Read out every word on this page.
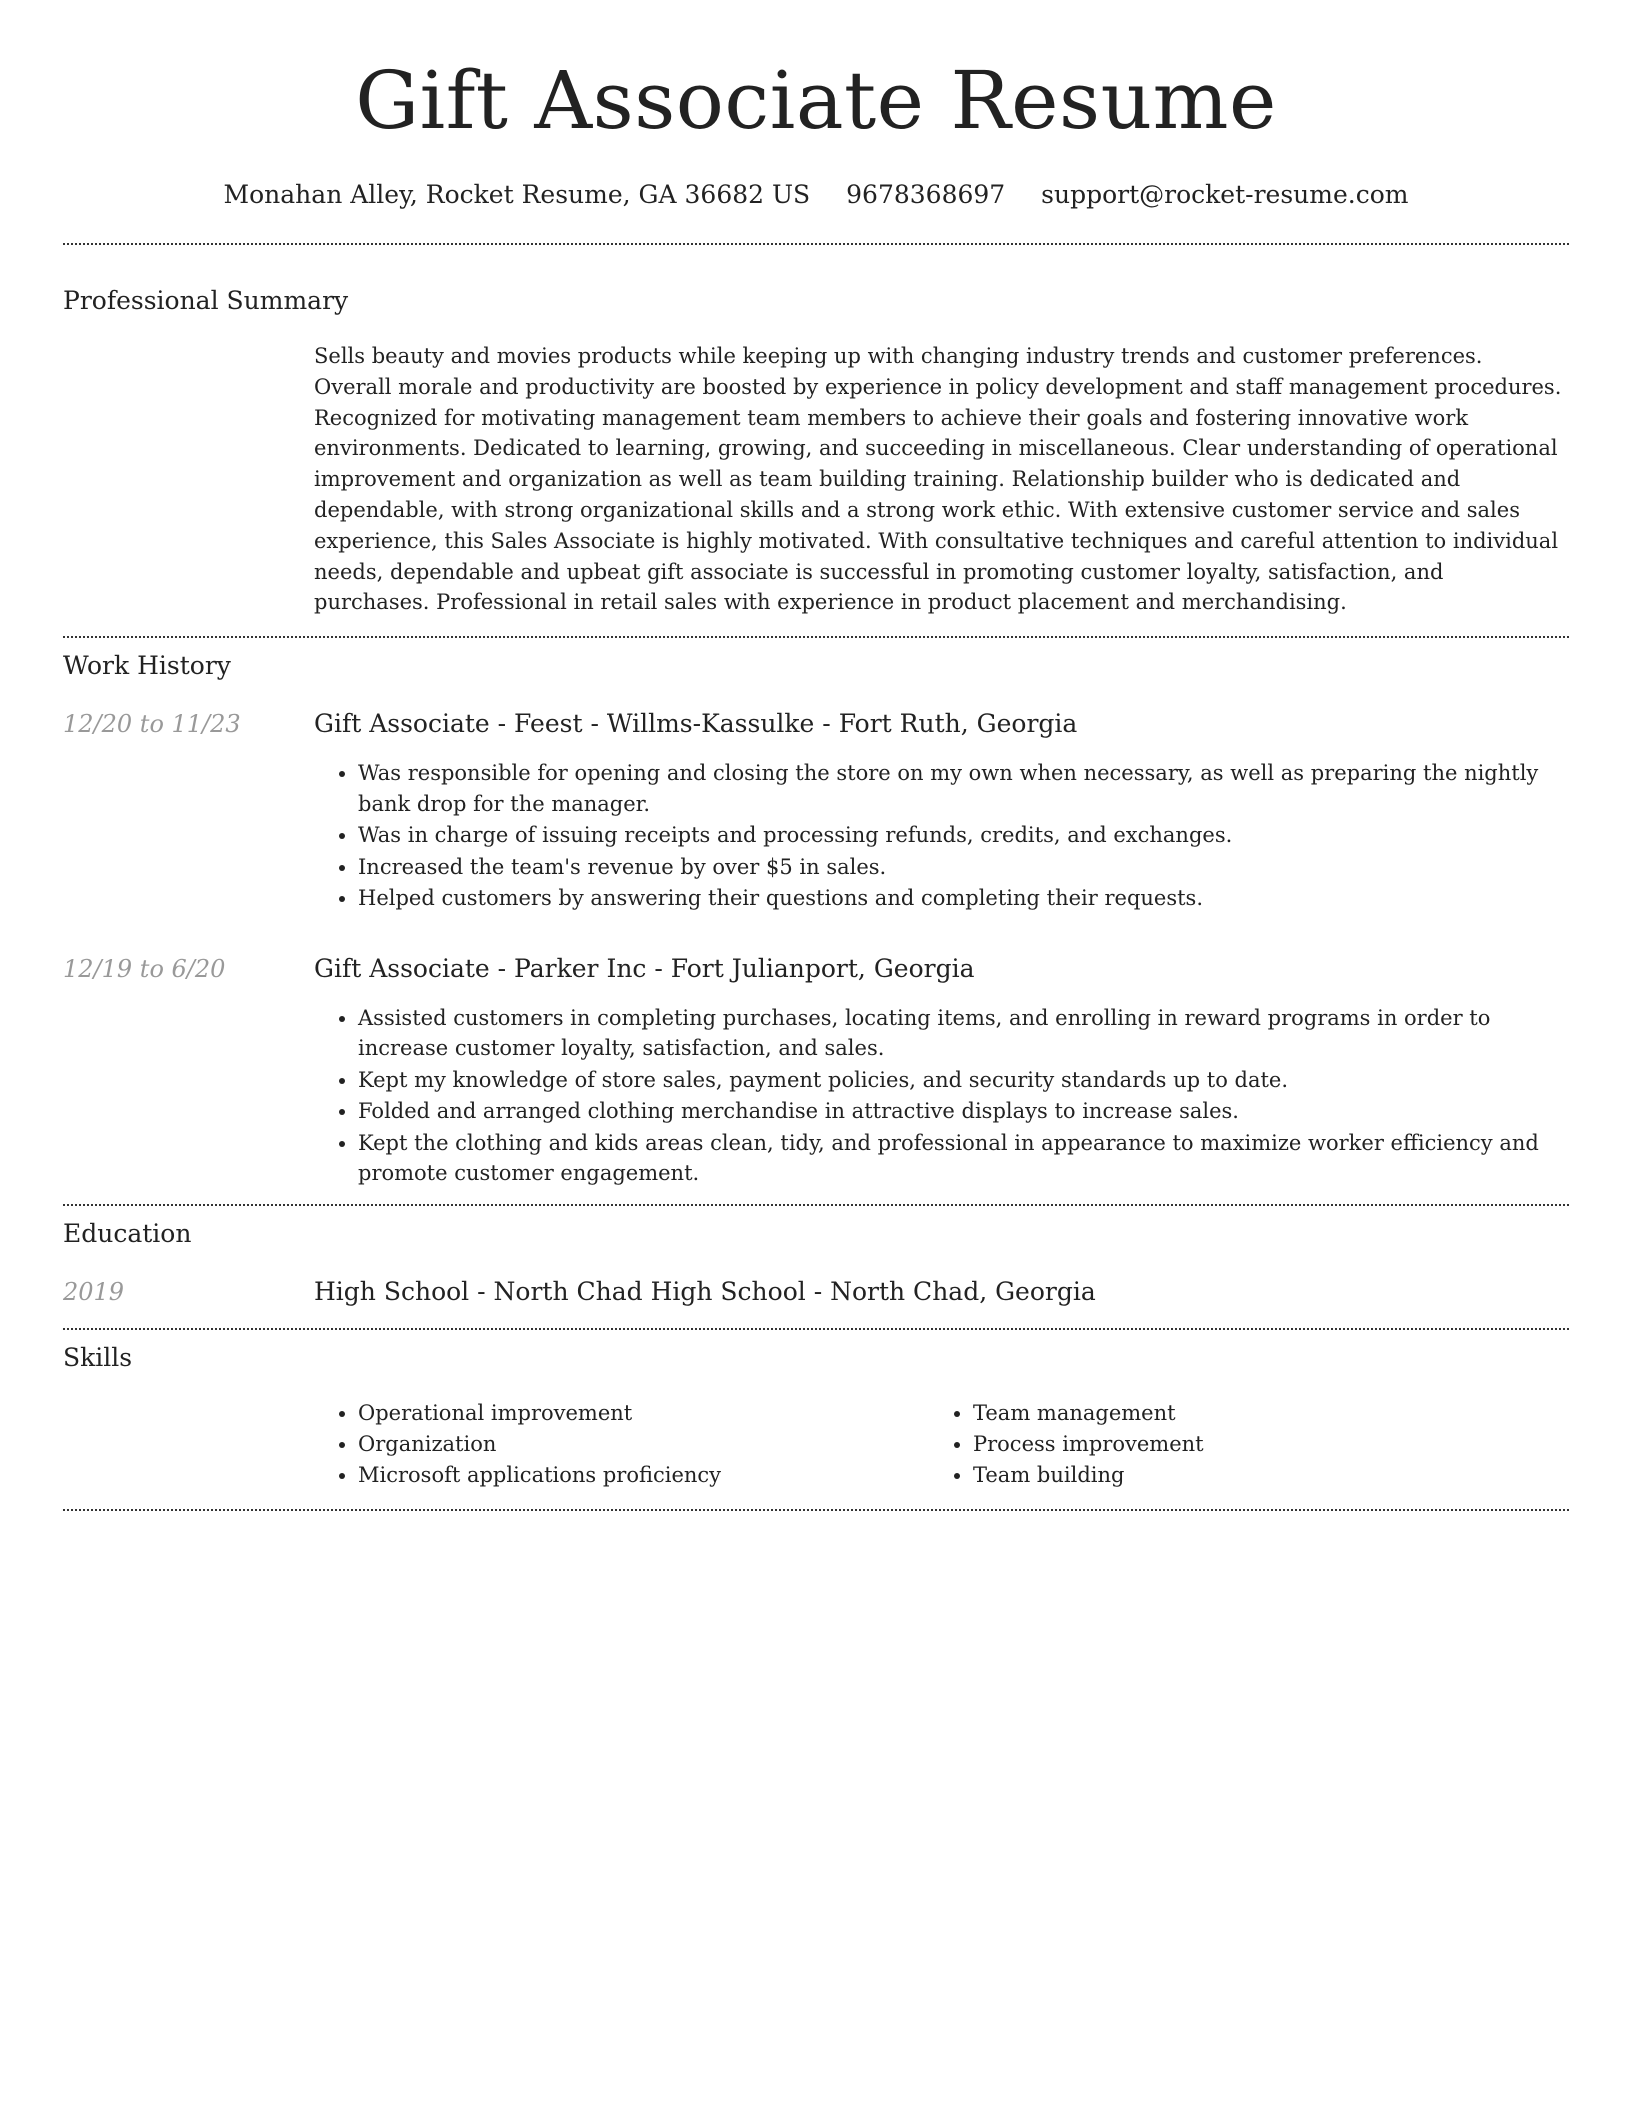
Gift Associate Resume
Monahan Alley, Rocket Resume, GA 36682 US 9678368697 support@rocket-resume.com
Professional Summary

Sells beauty and movies products while keeping up with changing industry trends and customer preferences. Overall morale and productivity are boosted by experience in policy development and staff management procedures. Recognized for motivating management team members to achieve their goals and fostering innovative work environments. Dedicated to learning, growing, and succeeding in miscellaneous. Clear understanding of operational improvement and organization as well as team building training. Relationship builder who is dedicated and dependable, with strong organizational skills and a strong work ethic. With extensive customer service and sales experience, this Sales Associate is highly motivated. With consultative techniques and careful attention to individual needs, dependable and upbeat gift associate is successful in promoting customer loyalty, satisfaction, and purchases. Professional in retail sales with experience in product placement and merchandising.

Work History
12/20 to 11/23	Gift Associate - Feest - Willms-Kassulke - Fort Ruth, Georgia
• Was responsible for opening and closing the store on my own when necessary, as well as preparing the nightly bank drop for the manager.
• Was in charge of issuing receipts and processing refunds, credits, and exchanges.
• Increased the team's revenue by over $5 in sales.
• Helped customers by answering their questions and completing their requests.
12/19 to 6/20	Gift Associate - Parker Inc - Fort Julianport, Georgia
• Assisted customers in completing purchases, locating items, and enrolling in reward programs in order to increase customer loyalty, satisfaction, and sales.
• Kept my knowledge of store sales, payment policies, and security standards up to date.
• Folded and arranged clothing merchandise in attractive displays to increase sales.
• Kept the clothing and kids areas clean, tidy, and professional in appearance to maximize worker efficiency and promote customer engagement.
Education
2019	High School - North Chad High School - North Chad, Georgia
Skills
• Operational improvement
• Organization
• Microsoft applications proficiency
• Team management
• Process improvement
• Team building
